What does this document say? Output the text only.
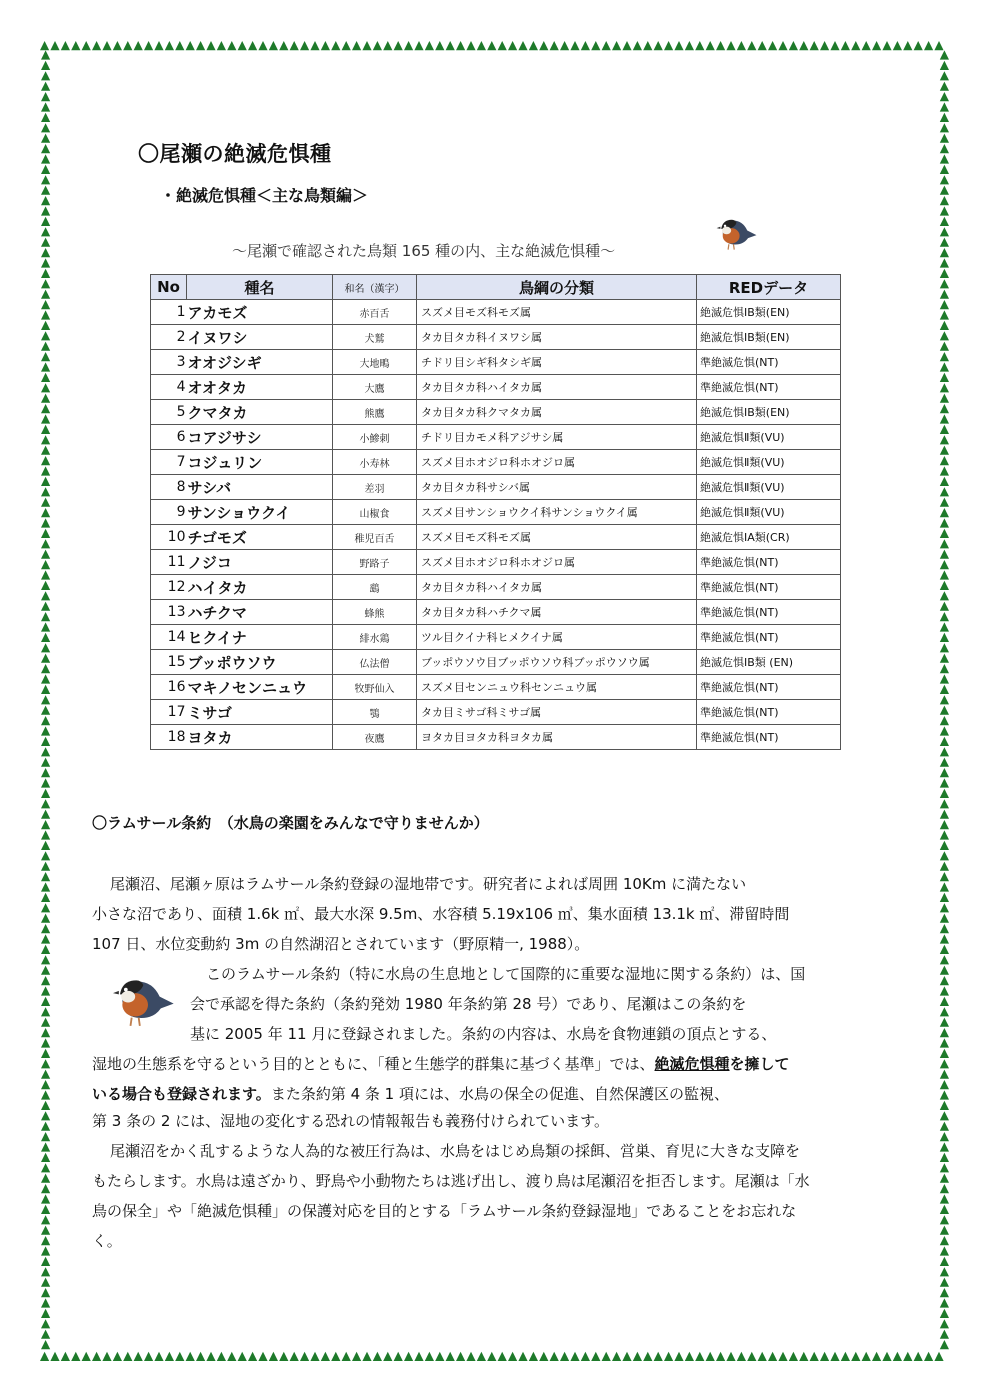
〇尾瀬の絶滅危惧種
・絶滅危惧種＜主な鳥類編＞
～尾瀬で確認された鳥類 165 種の内、主な絶滅危惧種～
No	種名	和名（漢字）	鳥綱の分類	REDデータ
1	アカモズ	赤百舌	スズメ目モズ科モズ属	絶滅危惧ⅠB類(EN)
2	イヌワシ	犬鷲	タカ目タカ科イヌワシ属	絶滅危惧ⅠB類(EN)
3	オオジシギ	大地鴫	チドリ目シギ科タシギ属	準絶滅危惧(NT)
4	オオタカ	大鷹	タカ目タカ科ハイタカ属	準絶滅危惧(NT)
5	クマタカ	熊鷹	タカ目タカ科クマタカ属	絶滅危惧ⅠB類(EN)
6	コアジサシ	小鯵刺	チドリ目カモメ科アジサシ属	絶滅危惧Ⅱ類(VU)
7	コジュリン	小寿林	スズメ目ホオジロ科ホオジロ属	絶滅危惧Ⅱ類(VU)
8	サシバ	差羽	タカ目タカ科サシバ属	絶滅危惧Ⅱ類(VU)
9	サンショウクイ	山椒食	スズメ目サンショウクイ科サンショウクイ属	絶滅危惧Ⅱ類(VU)
10	チゴモズ	稚児百舌	スズメ目モズ科モズ属	絶滅危惧ⅠA類(CR)
11	ノジコ	野路子	スズメ目ホオジロ科ホオジロ属	準絶滅危惧(NT)
12	ハイタカ	鷂	タカ目タカ科ハイタカ属	準絶滅危惧(NT)
13	ハチクマ	蜂熊	タカ目タカ科ハチクマ属	準絶滅危惧(NT)
14	ヒクイナ	緋水鶏	ツル目クイナ科ヒメクイナ属	準絶滅危惧(NT)
15	ブッポウソウ	仏法僧	ブッポウソウ目ブッポウソウ科ブッポウソウ属	絶滅危惧IB類 (EN)
16	マキノセンニュウ	牧野仙入	スズメ目センニュウ科センニュウ属	準絶滅危惧(NT)
17	ミサゴ	鶚	タカ目ミサゴ科ミサゴ属	準絶滅危惧(NT)
18	ヨタカ	夜鷹	ヨタカ目ヨタカ科ヨタカ属	準絶滅危惧(NT)
〇ラムサール条約　（水鳥の楽園をみんなで守りませんか）
尾瀬沼、尾瀬ヶ原はラムサール条約登録の湿地帯です。研究者によれば周囲 10Km に満たない
小さな沼であり、面積 1.6k ㎡、最大水深 9.5m、水容積 5.19x106 ㎥、集水面積 13.1k ㎡、滞留時間
107 日、水位変動約 3m の自然湖沼とされています（野原精一, 1988）。
このラムサール条約（特に水鳥の生息地として国際的に重要な湿地に関する条約）は、国
会で承認を得た条約（条約発効 1980 年条約第 28 号）であり、尾瀬はこの条約を
基に 2005 年 11 月に登録されました。条約の内容は、水鳥を食物連鎖の頂点とする、
湿地の生態系を守るという目的とともに、「種と生態学的群集に基づく基準」では、絶滅危惧種を擁して
いる場合も登録されます。また条約第 4 条 1 項には、水鳥の保全の促進、自然保護区の監視、
第 3 条の 2 には、湿地の変化する恐れの情報報告も義務付けられています。
尾瀬沼をかく乱するような人為的な被圧行為は、水鳥をはじめ鳥類の採餌、営巣、育児に大きな支障を
もたらします。水鳥は遠ざかり、野鳥や小動物たちは逃げ出し、渡り鳥は尾瀬沼を拒否します。尾瀬は「水
鳥の保全」や「絶滅危惧種」の保護対応を目的とする「ラムサール条約登録湿地」であることをお忘れな
く。
